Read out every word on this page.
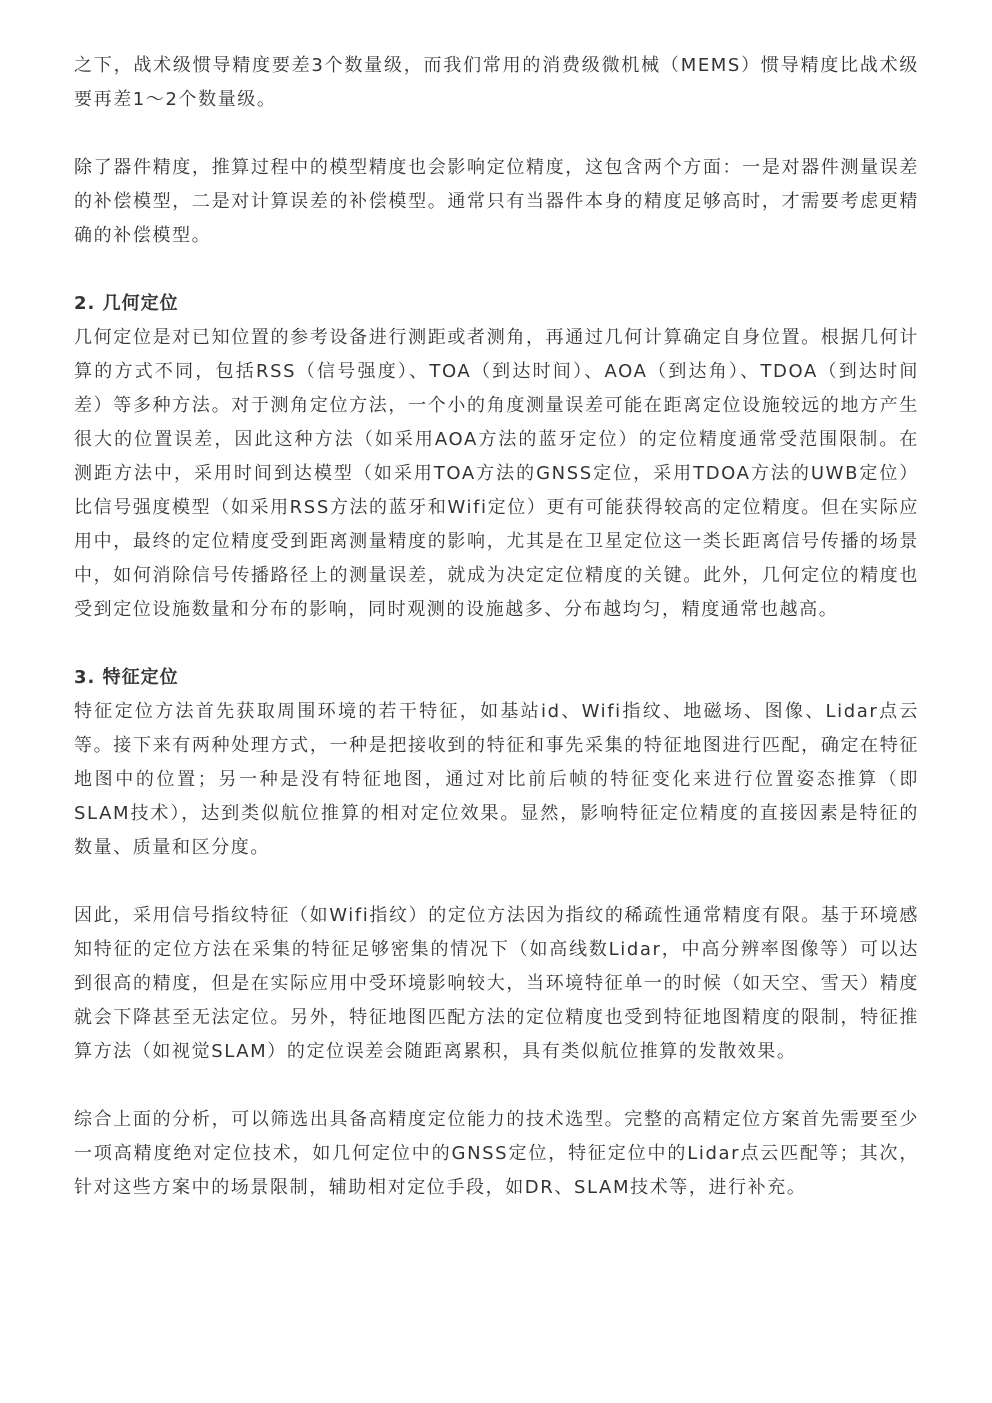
之下，战术级惯导精度要差3个数量级，而我们常用的消费级微机械（MEMS）惯导精度比战术级要再差1～2个数量级。

除了器件精度，推算过程中的模型精度也会影响定位精度，这包含两个方面：一是对器件测量误差的补偿模型，二是对计算误差的补偿模型。通常只有当器件本身的精度足够高时，才需要考虑更精确的补偿模型。

2. 几何定位

几何定位是对已知位置的参考设备进行测距或者测角，再通过几何计算确定自身位置。根据几何计算的方式不同，包括RSS（信号强度）、TOA（到达时间）、AOA（到达角）、TDOA（到达时间差）等多种方法。对于测角定位方法，一个小的角度测量误差可能在距离定位设施较远的地方产生很大的位置误差，因此这种方法（如采用AOA方法的蓝牙定位）的定位精度通常受范围限制。在测距方法中，采用时间到达模型（如采用TOA方法的GNSS定位，采用TDOA方法的UWB定位）比信号强度模型（如采用RSS方法的蓝牙和Wifi定位）更有可能获得较高的定位精度。但在实际应用中，最终的定位精度受到距离测量精度的影响，尤其是在卫星定位这一类长距离信号传播的场景中，如何消除信号传播路径上的测量误差，就成为决定定位精度的关键。此外，几何定位的精度也受到定位设施数量和分布的影响，同时观测的设施越多、分布越均匀，精度通常也越高。

3. 特征定位

特征定位方法首先获取周围环境的若干特征，如基站id、Wifi指纹、地磁场、图像、Lidar点云等。接下来有两种处理方式，一种是把接收到的特征和事先采集的特征地图进行匹配，确定在特征地图中的位置；另一种是没有特征地图，通过对比前后帧的特征变化来进行位置姿态推算（即SLAM技术），达到类似航位推算的相对定位效果。显然，影响特征定位精度的直接因素是特征的数量、质量和区分度。

因此，采用信号指纹特征（如Wifi指纹）的定位方法因为指纹的稀疏性通常精度有限。基于环境感知特征的定位方法在采集的特征足够密集的情况下（如高线数Lidar，中高分辨率图像等）可以达到很高的精度，但是在实际应用中受环境影响较大，当环境特征单一的时候（如天空、雪天）精度就会下降甚至无法定位。另外，特征地图匹配方法的定位精度也受到特征地图精度的限制，特征推算方法（如视觉SLAM）的定位误差会随距离累积，具有类似航位推算的发散效果。

综合上面的分析，可以筛选出具备高精度定位能力的技术选型。完整的高精定位方案首先需要至少一项高精度绝对定位技术，如几何定位中的GNSS定位，特征定位中的Lidar点云匹配等；其次，针对这些方案中的场景限制，辅助相对定位手段，如DR、SLAM技术等，进行补充。
